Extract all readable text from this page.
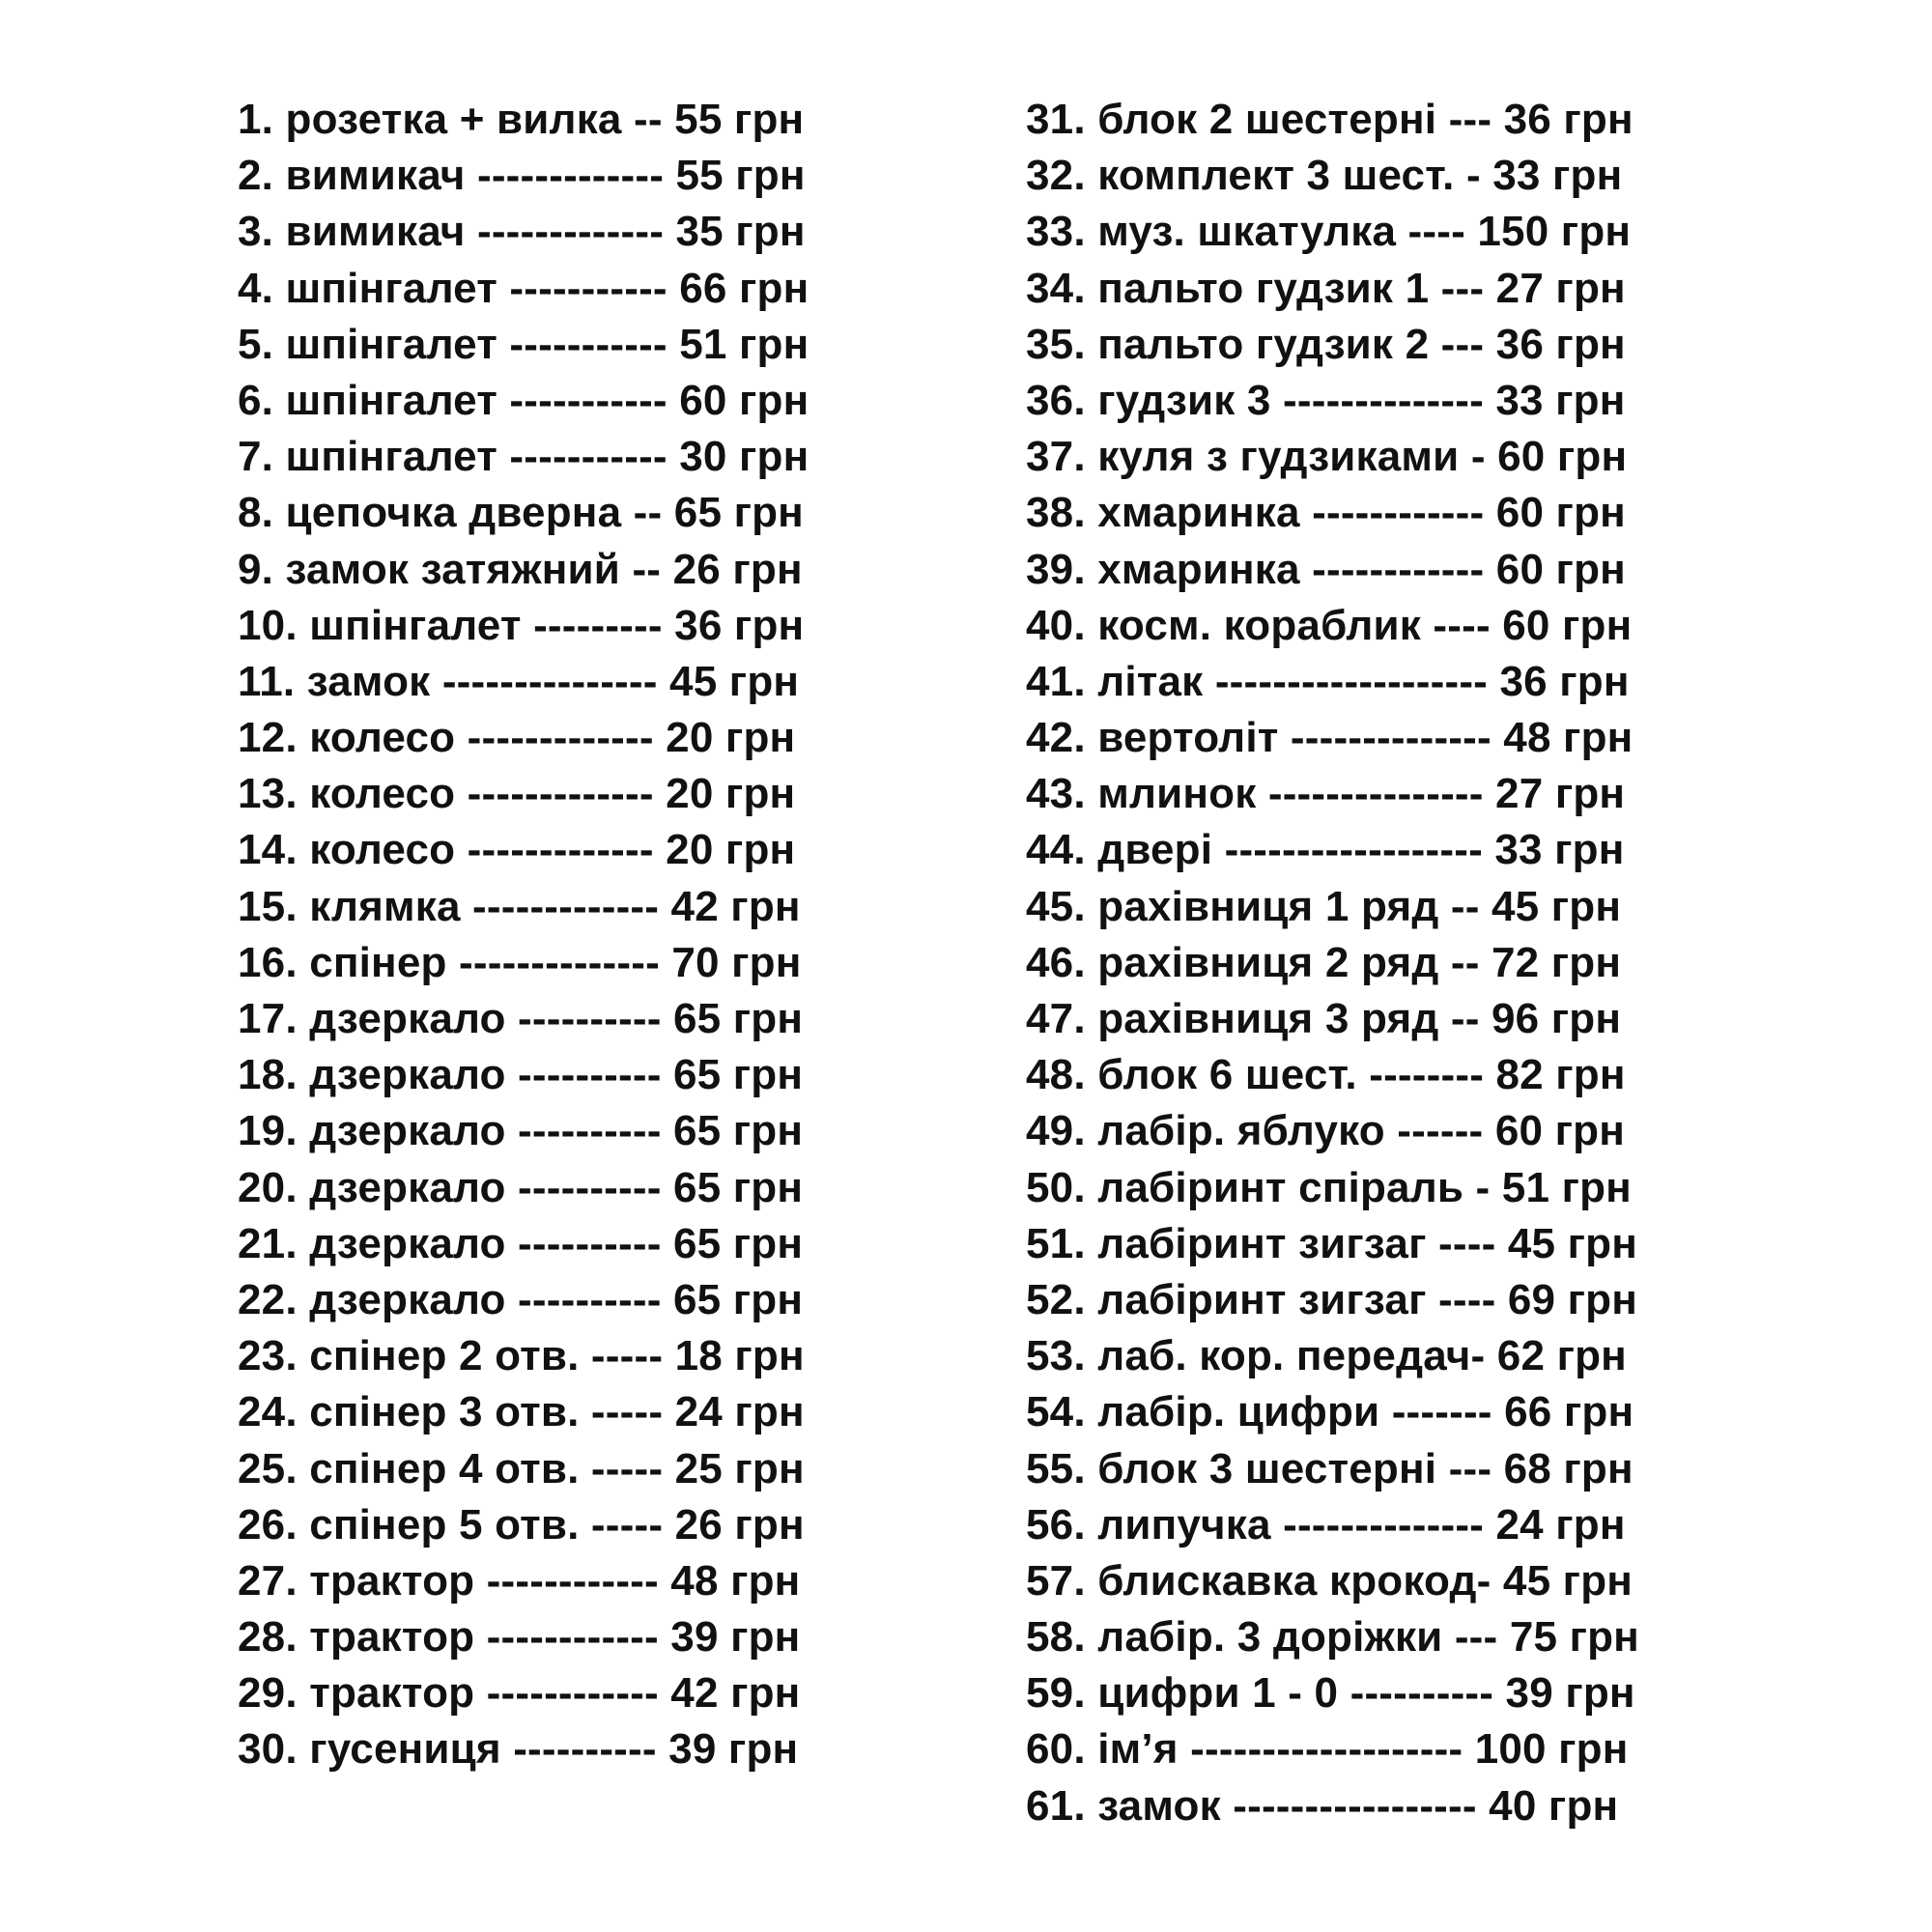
1. розетка + вилка -- 55 грн
2. вимикач ------------- 55 грн
3. вимикач ------------- 35 грн
4. шпінгалет ----------- 66 грн
5. шпінгалет ----------- 51 грн
6. шпінгалет ----------- 60 грн
7. шпінгалет ----------- 30 грн
8. цепочка дверна -- 65 грн
9. замок затяжний -- 26 грн
10. шпінгалет --------- 36 грн
11. замок --------------- 45 грн
12. колесо ------------- 20 грн
13. колесо ------------- 20 грн
14. колесо ------------- 20 грн
15. клямка ------------- 42 грн
16. спінер -------------- 70 грн
17. дзеркало ---------- 65 грн
18. дзеркало ---------- 65 грн
19. дзеркало ---------- 65 грн
20. дзеркало ---------- 65 грн
21. дзеркало ---------- 65 грн
22. дзеркало ---------- 65 грн
23. спінер 2 отв. ----- 18 грн
24. спінер 3 отв. ----- 24 грн
25. спінер 4 отв. ----- 25 грн
26. спінер 5 отв. ----- 26 грн
27. трактор ------------ 48 грн
28. трактор ------------ 39 грн
29. трактор ------------ 42 грн
30. гусениця ---------- 39 грн
31. блок 2 шестерні --- 36 грн
32. комплект 3 шест. - 33 грн
33. муз. шкатулка ---- 150 грн
34. пальто гудзик 1 --- 27 грн
35. пальто гудзик 2 --- 36 грн
36. гудзик 3 -------------- 33 грн
37. куля з гудзиками - 60 грн
38. хмаринка ------------ 60 грн
39. хмаринка ------------ 60 грн
40. косм. кораблик ---- 60 грн
41. літак ------------------- 36 грн
42. вертоліт -------------- 48 грн
43. млинок --------------- 27 грн
44. двері ------------------ 33 грн
45. рахівниця 1 ряд -- 45 грн
46. рахівниця 2 ряд -- 72 грн
47. рахівниця 3 ряд -- 96 грн
48. блок 6 шест. -------- 82 грн
49. лабір. яблуко ------ 60 грн
50. лабіринт спіраль - 51 грн
51. лабіринт зигзаг ---- 45 грн
52. лабіринт зигзаг ---- 69 грн
53. лаб. кор. передач- 62 грн
54. лабір. цифри ------- 66 грн
55. блок 3 шестерні --- 68 грн
56. липучка -------------- 24 грн
57. блискавка крокод- 45 грн
58. лабір. 3 доріжки --- 75 грн
59. цифри 1 - 0 ---------- 39 грн
60. ім’я ------------------- 100 грн
61. замок ----------------- 40 грн
